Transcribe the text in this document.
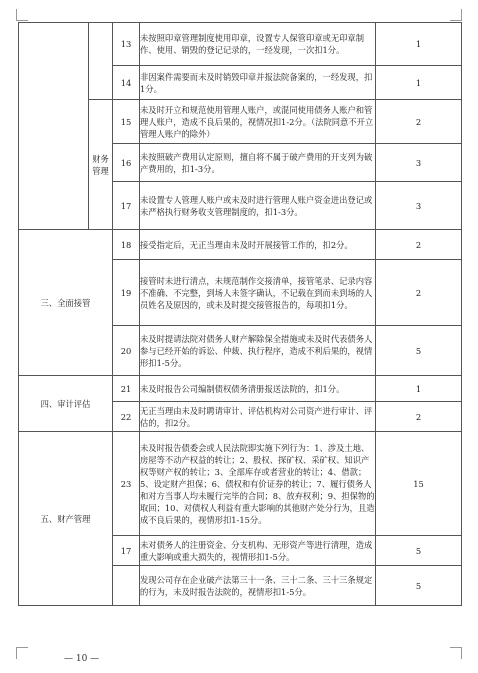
		13	未按照印章管理制度使用印章，设置专人保管印章或无印章制作、使用、销毁的登记记录的，一经发现，一次扣1分。	1
		14	非因案件需要而未及时销毁印章并报法院备案的，一经发现，扣1分。	1
	财务管理	15	未及时开立和规范使用管理人账户，或混同使用债务人账户和管理人账户，造成不良后果的，视情况扣1-2分。（法院同意不开立管理人账户的除外）	2
		16	未按照破产费用认定原则，擅自将不属于破产费用的开支列为破产费用的，扣1-3分。	3
		17	未设置专人管理人账户或未及时进行管理人账户资金进出登记或未严格执行财务收支管理制度的，扣1-3分。	3
三、全面接管		18	接受指定后，无正当理由未及时开展接管工作的，扣2分。	2
		19	接管时未进行清点，未规范制作交接清单，接管笔录、记录内容不准确、不完整，到场人未签字确认，不记载在到而未到场的人员姓名及原因的，或未及时提交接管报告的，每项扣1分。	2
		20	未及时提请法院对债务人财产解除保全措施或未及时代表债务人参与已经开始的诉讼、仲裁、执行程序，造成不利后果的，视情形扣1-5分。	5
四、审计评估		21	未及时报告公司编制债权债务清册报送法院的，扣1分。	1
		22	无正当理由未及时聘请审计、评估机构对公司资产进行审计、评估的，扣2分。	2
五、财产管理		23	未及时报告债委会或人民法院即实施下列行为：1、涉及土地、房屋等不动产权益的转让；2、股权、探矿权、采矿权、知识产权等财产权的转让；3、全部库存或者营业的转让；4、借款；5、设定财产担保；6、债权和有价证券的转让；7、履行债务人和对方当事人均未履行完毕的合同；8、放弃权利；9、担保物的取回；10、对债权人利益有重大影响的其他财产处分行为，且造成不良后果的，视情形扣1-15分。	15
		17	未对债务人的注册资金、分支机构、无形资产等进行清理，造成重大影响或重大损失的，视情形扣1-5分。	5
			发现公司存在企业破产法第三十一条、三十二条、三十三条规定的行为，未及时报告法院的，视情形扣1-5分。	5
— 10 —
